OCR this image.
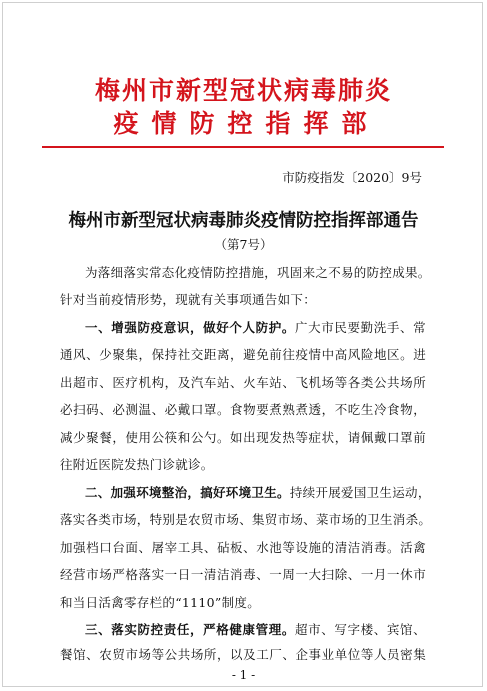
梅州市新型冠状病毒肺炎
疫情防控指挥部
市防疫指发〔2020〕9号
梅州市新型冠状病毒肺炎疫情防控指挥部通告
（第7号）
为落细落实常态化疫情防控措施，巩固来之不易的防控成果。
针对当前疫情形势，现就有关事项通告如下：
一、增强防疫意识，做好个人防护。广大市民要勤洗手、常
通风、少聚集，保持社交距离，避免前往疫情中高风险地区。进
出超市、医疗机构，及汽车站、火车站、飞机场等各类公共场所
必扫码、必测温、必戴口罩。食物要煮熟煮透，不吃生冷食物，
减少聚餐，使用公筷和公勺。如出现发热等症状，请佩戴口罩前
往附近医院发热门诊就诊。
二、加强环境整治，搞好环境卫生。持续开展爱国卫生运动，
落实各类市场，特别是农贸市场、集贸市场、菜市场的卫生消杀。
加强档口台面、屠宰工具、砧板、水池等设施的清洁消毒。活禽
经营市场严格落实一日一清洁消毒、一周一大扫除、一月一休市
和当日活禽零存栏的“1110”制度。
三、落实防控责任，严格健康管理。超市、写字楼、宾馆、
餐馆、农贸市场等公共场所，以及工厂、企事业单位等人员密集
- 1 -
